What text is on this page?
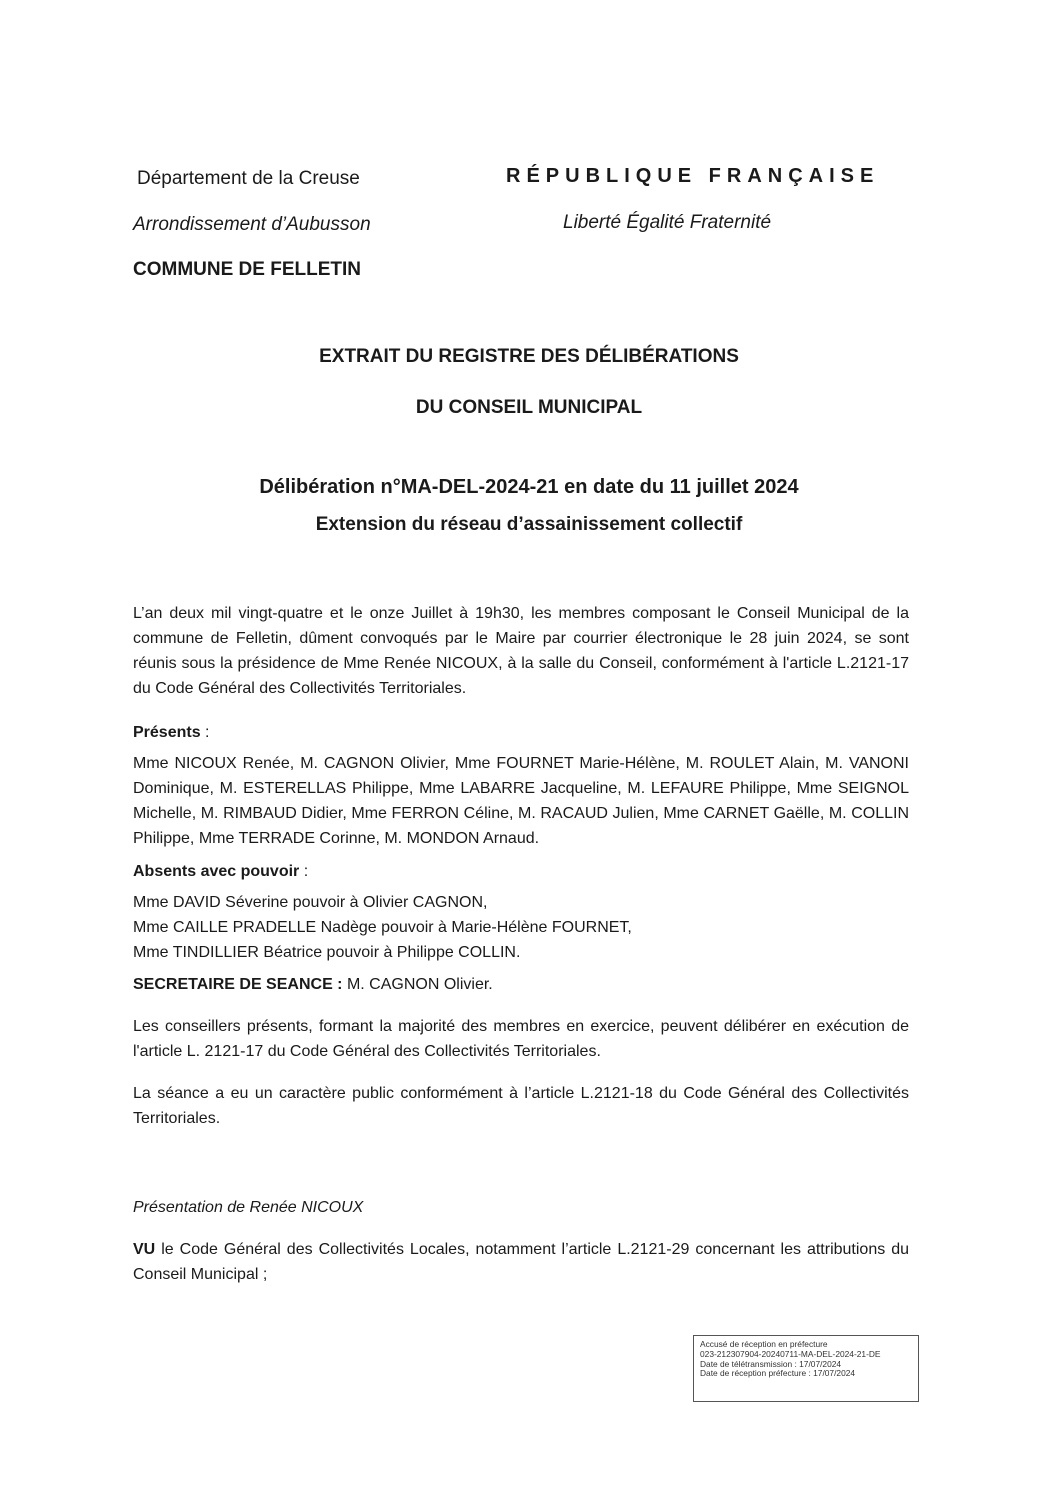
Département de la Creuse
Arrondissement d’Aubusson
COMMUNE DE FELLETIN
RÉPUBLIQUE FRANÇAISE
Liberté Égalité Fraternité
EXTRAIT DU REGISTRE DES DÉLIBÉRATIONS
DU CONSEIL MUNICIPAL
Délibération n°MA-DEL-2024-21 en date du 11 juillet 2024
Extension du réseau d’assainissement collectif
L’an deux mil vingt-quatre et le onze Juillet à 19h30, les membres composant le Conseil Municipal de la commune de Felletin, dûment convoqués par le Maire par courrier électronique le 28 juin 2024, se sont réunis sous la présidence de Mme Renée NICOUX, à la salle du Conseil, conformément à l'article L.2121-17 du Code Général des Collectivités Territoriales.
Présents :
Mme NICOUX Renée, M. CAGNON Olivier, Mme FOURNET Marie-Hélène, M. ROULET Alain, M. VANONI Dominique, M. ESTERELLAS Philippe, Mme LABARRE Jacqueline, M. LEFAURE Philippe, Mme SEIGNOL Michelle, M. RIMBAUD Didier, Mme FERRON Céline, M. RACAUD Julien, Mme CARNET Gaëlle, M. COLLIN Philippe, Mme TERRADE Corinne, M. MONDON Arnaud.
Absents avec pouvoir :
Mme DAVID Séverine pouvoir à Olivier CAGNON,
Mme CAILLE PRADELLE Nadège pouvoir à Marie-Hélène FOURNET,
Mme TINDILLIER Béatrice pouvoir à Philippe COLLIN.
SECRETAIRE DE SEANCE : M. CAGNON Olivier.
Les conseillers présents, formant la majorité des membres en exercice, peuvent délibérer en exécution de l'article L. 2121-17 du Code Général des Collectivités Territoriales.
La séance a eu un caractère public conformément à l’article L.2121-18 du Code Général des Collectivités Territoriales.
Présentation de Renée NICOUX
VU le Code Général des Collectivités Locales, notamment l’article L.2121-29 concernant les attributions du Conseil Municipal ;
Accusé de réception en préfecture
023-212307904-20240711-MA-DEL-2024-21-DE
Date de télétransmission : 17/07/2024
Date de réception préfecture : 17/07/2024
